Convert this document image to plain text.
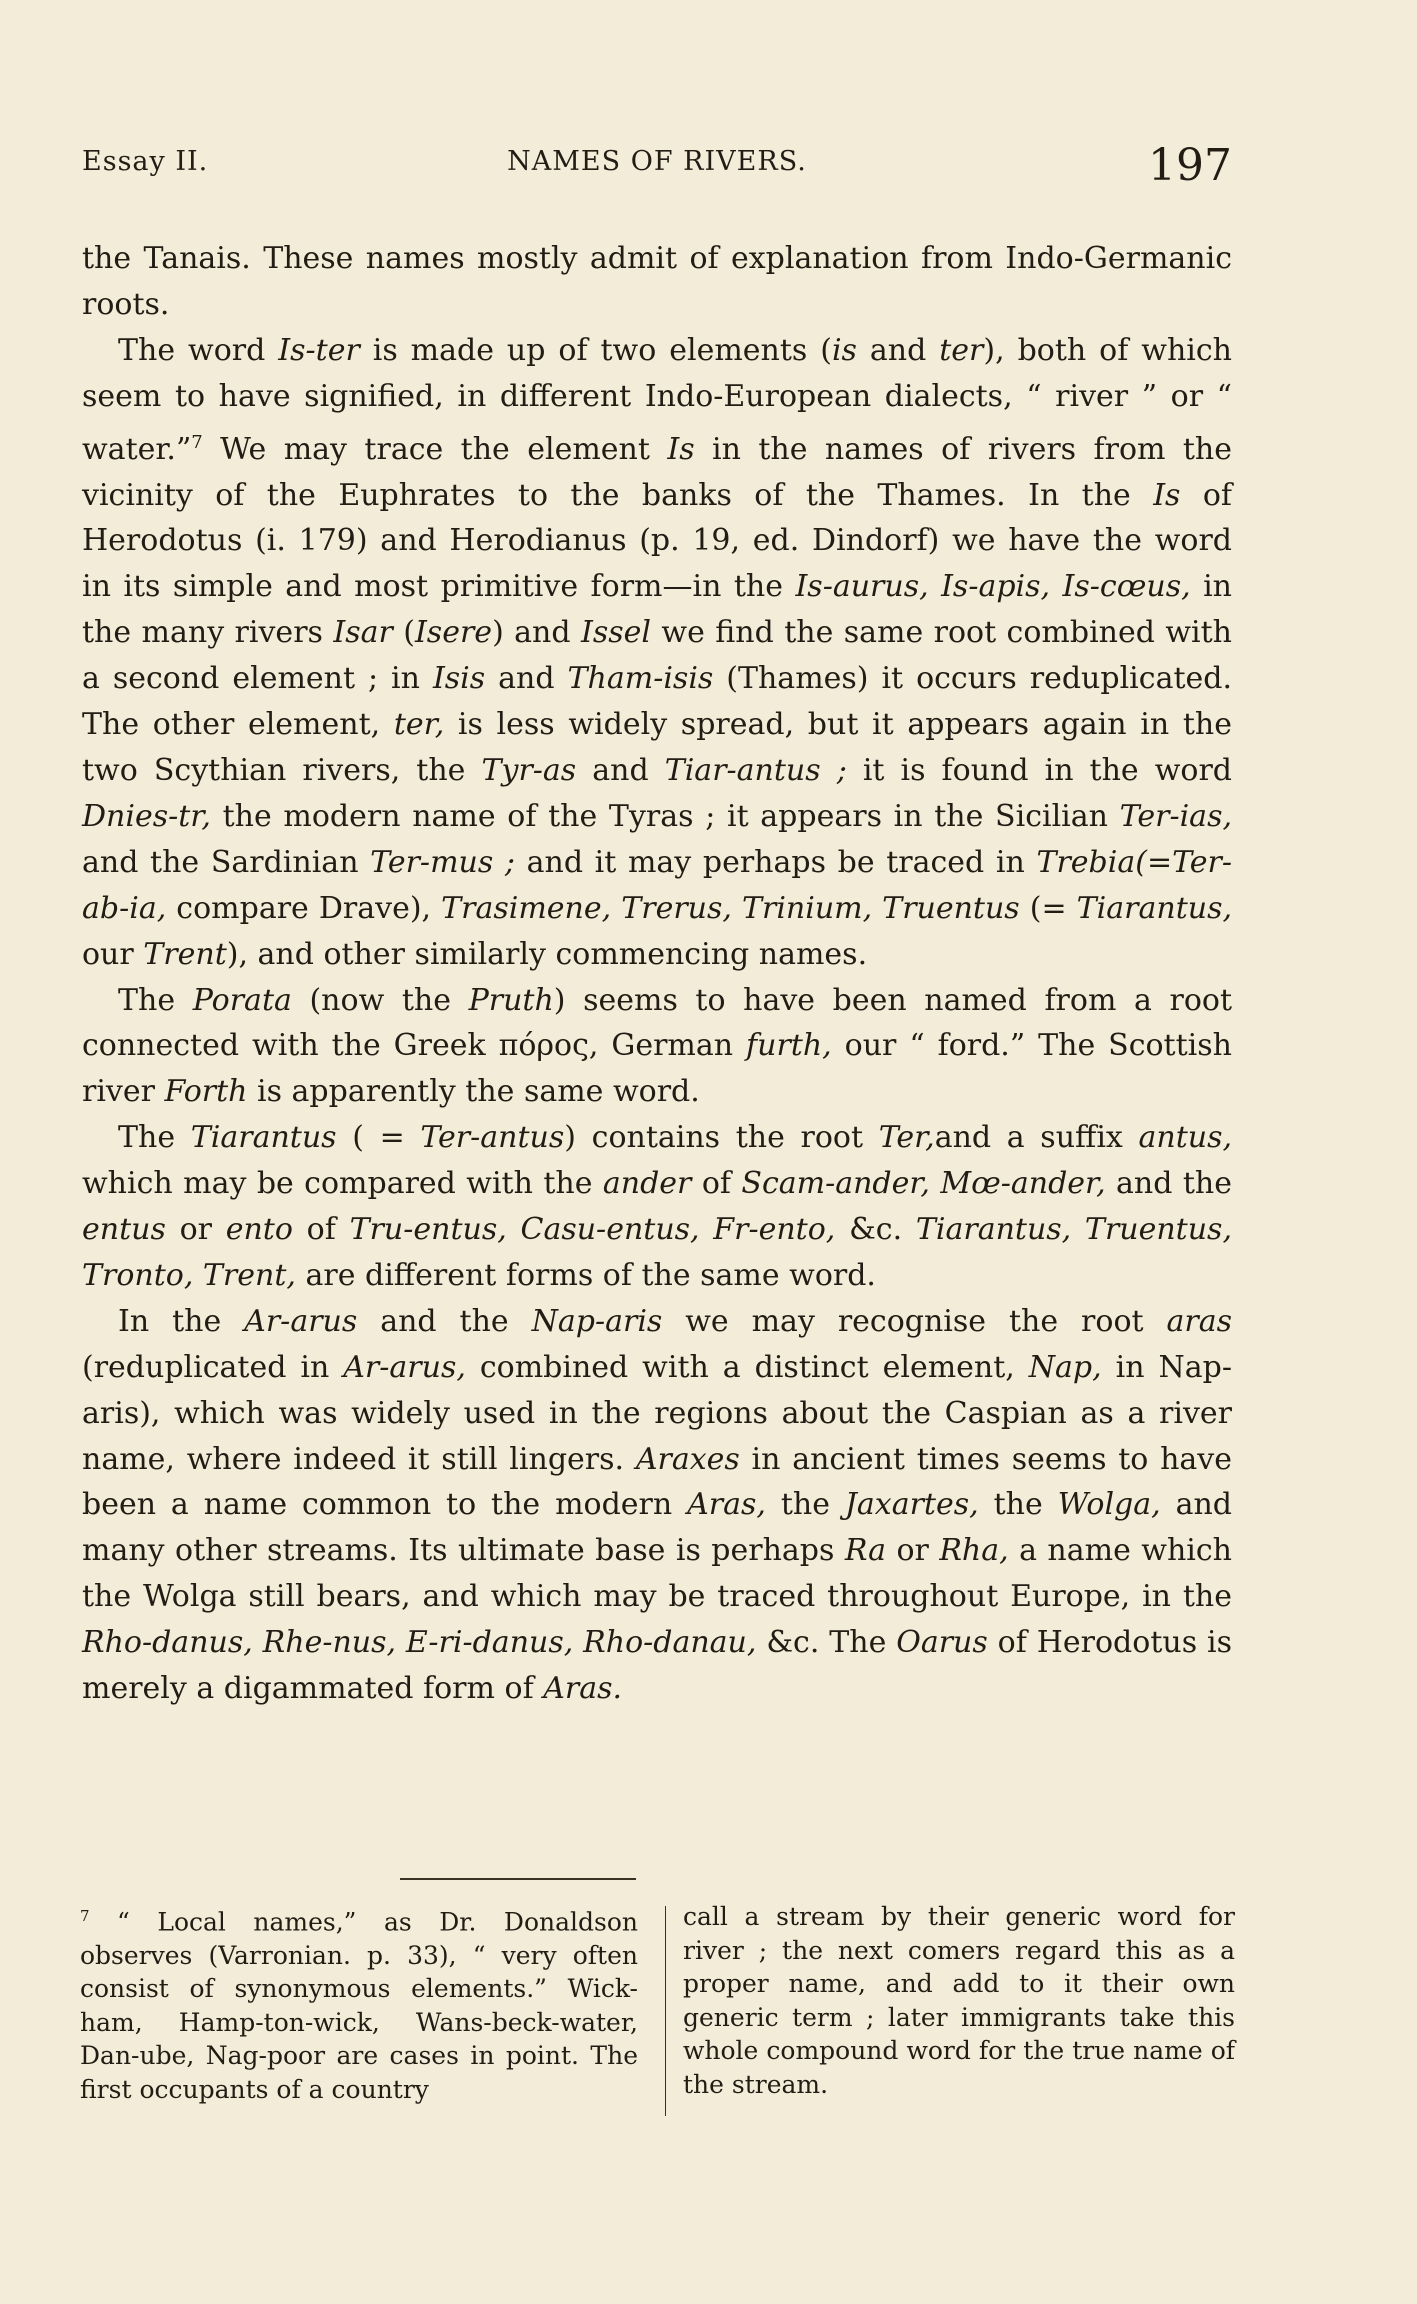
Essay II.	NAMES OF RIVERS.	197

the Tanais. These names mostly admit of explanation from Indo-Germanic roots.

The word Is-ter is made up of two elements (is and ter), both of which seem to have signified, in different Indo-European dialects, “ river ” or “ water.”$^7$ We may trace the element Is in the names of rivers from the vicinity of the Euphrates to the banks of the Thames. In the Is of Herodotus (i. 179) and Herodianus (p. 19, ed. Dindorf) we have the word in its simple and most primitive form—in the Is-aurus, Is-apis, Is-cœus, in the many rivers Isar (Isere) and Issel we find the same root combined with a second element ; in Isis and Tham-isis (Thames) it occurs reduplicated. The other element, ter, is less widely spread, but it appears again in the two Scythian rivers, the Tyr-as and Tiar-antus ; it is found in the word Dnies-tr, the modern name of the Tyras ; it appears in the Sicilian Ter-ias, and the Sardinian Ter-mus ; and it may perhaps be traced in Trebia(=Ter-ab-ia, compare Drave), Trasimene, Trerus, Trinium, Truentus (= Tiarantus, our Trent), and other similarly commencing names.

The Porata (now the Pruth) seems to have been named from a root connected with the Greek πόρος, German furth, our “ ford.” The Scottish river Forth is apparently the same word.

The Tiarantus ( = Ter-antus) contains the root Ter,and a suffix antus, which may be compared with the ander of Scam-ander, Mœ-ander, and the entus or ento of Tru-entus, Casu-entus, Fr-ento, &c. Tiarantus, Truentus, Tronto, Trent, are different forms of the same word.

In the Ar-arus and the Nap-aris we may recognise the root aras (reduplicated in Ar-arus, combined with a distinct element, Nap, in Nap-aris), which was widely used in the regions about the Caspian as a river name, where indeed it still lingers. Araxes in ancient times seems to have been a name common to the modern Aras, the Jaxartes, the Wolga, and many other streams. Its ultimate base is perhaps Ra or Rha, a name which the Wolga still bears, and which may be traced throughout Europe, in the Rho-danus, Rhe-nus, E-ri-danus, Rho-danau, &c. The Oarus of Herodotus is merely a digammated form of Aras.

$^7$ “ Local names,” as Dr. Donaldson observes (Varronian. p. 33), “ very often consist of synonymous elements.” Wick-ham, Hamp-ton-wick, Wans-beck-water, Dan-ube, Nag-poor are cases in point. The first occupants of a country

call a stream by their generic word for river ; the next comers regard this as a proper name, and add to it their own generic term ; later immigrants take this whole compound word for the true name of the stream.
